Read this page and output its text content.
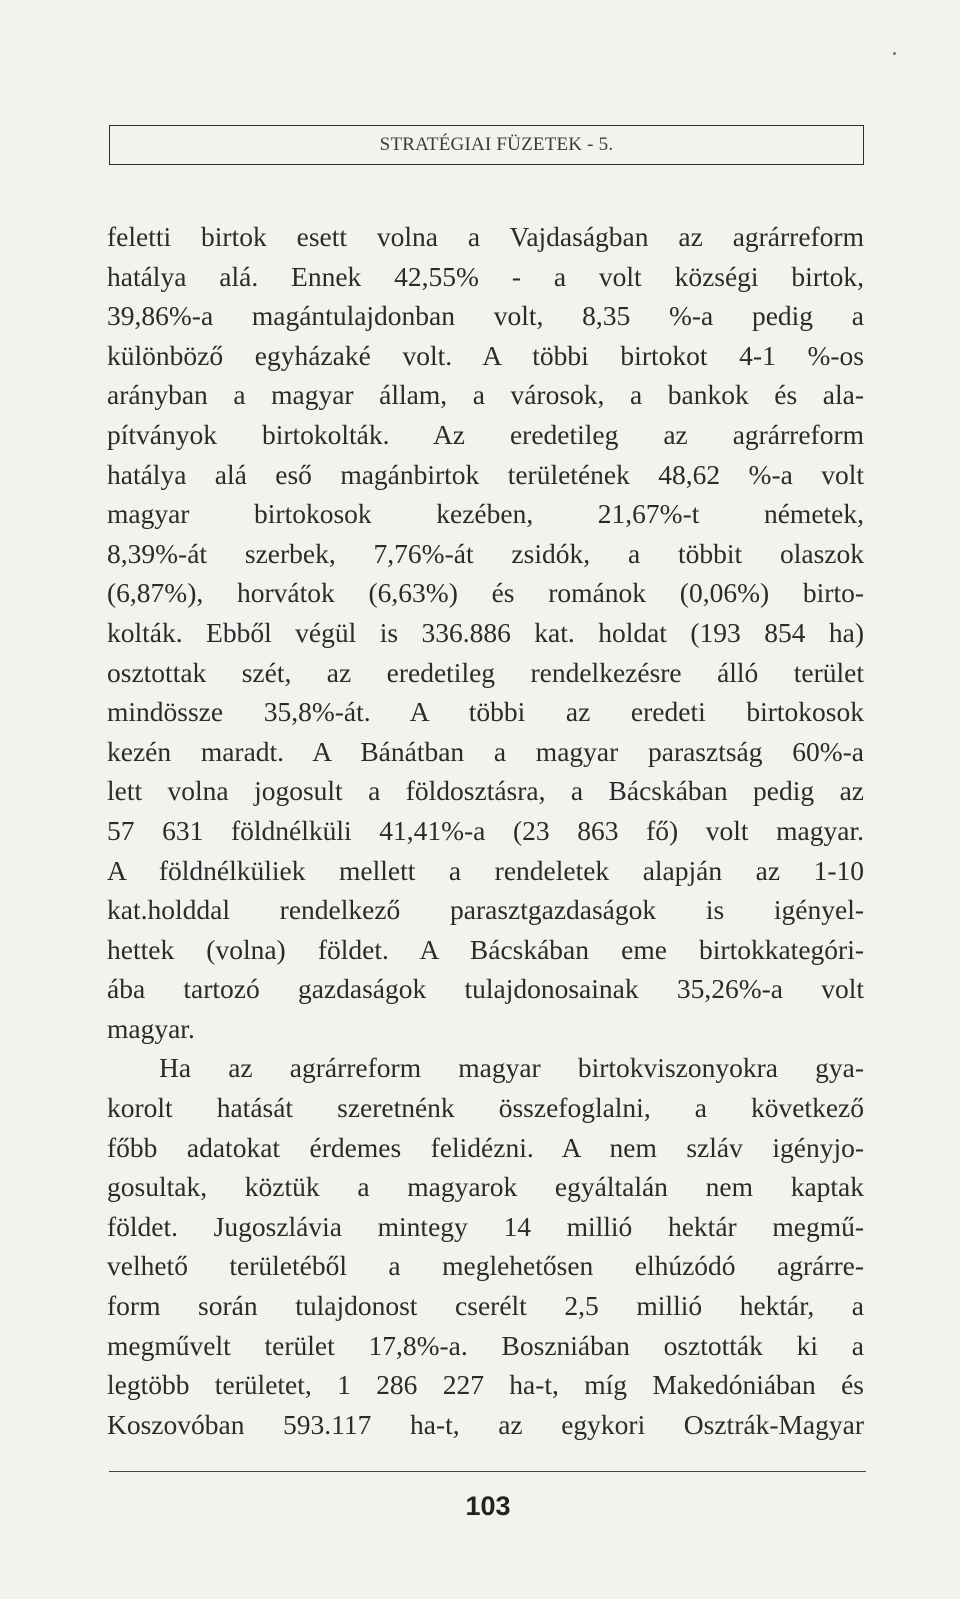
STRATÉGIAI FÜZETEK - 5.
feletti birtok esett volna a Vajdaságban az agrárreform
hatálya alá. Ennek 42,55% - a volt községi birtok,
39,86%-a magántulajdonban volt, 8,35 %-a pedig a
különböző egyházaké volt. A többi birtokot 4-1 %-os
arányban a magyar állam, a városok, a bankok és ala-
pítványok birtokolták. Az eredetileg az agrárreform
hatálya alá eső magánbirtok területének 48,62 %-a volt
magyar birtokosok kezében, 21,67%-t németek,
8,39%-át szerbek, 7,76%-át zsidók, a többit olaszok
(6,87%), horvátok (6,63%) és románok (0,06%) birto-
kolták. Ebből végül is 336.886 kat. holdat (193 854 ha)
osztottak szét, az eredetileg rendelkezésre álló terület
mindössze 35,8%-át. A többi az eredeti birtokosok
kezén maradt. A Bánátban a magyar parasztság 60%-a
lett volna jogosult a földosztásra, a Bácskában pedig az
57 631 földnélküli 41,41%-a (23 863 fő) volt magyar.
A földnélküliek mellett a rendeletek alapján az 1-10
kat.holddal rendelkező parasztgazdaságok is igényel-
hettek (volna) földet. A Bácskában eme birtokkategóri-
ába tartozó gazdaságok tulajdonosainak 35,26%-a volt
magyar.
Ha az agrárreform magyar birtokviszonyokra gya-
korolt hatását szeretnénk összefoglalni, a következő
főbb adatokat érdemes felidézni. A nem szláv igényjo-
gosultak, köztük a magyarok egyáltalán nem kaptak
földet. Jugoszlávia mintegy 14 millió hektár megmű-
velhető területéből a meglehetősen elhúzódó agrárre-
form során tulajdonost cserélt 2,5 millió hektár, a
megművelt terület 17,8%-a. Boszniában osztották ki a
legtöbb területet, 1 286 227 ha-t, míg Makedóniában és
Koszovóban 593.117 ha-t, az egykori Osztrák-Magyar
103
